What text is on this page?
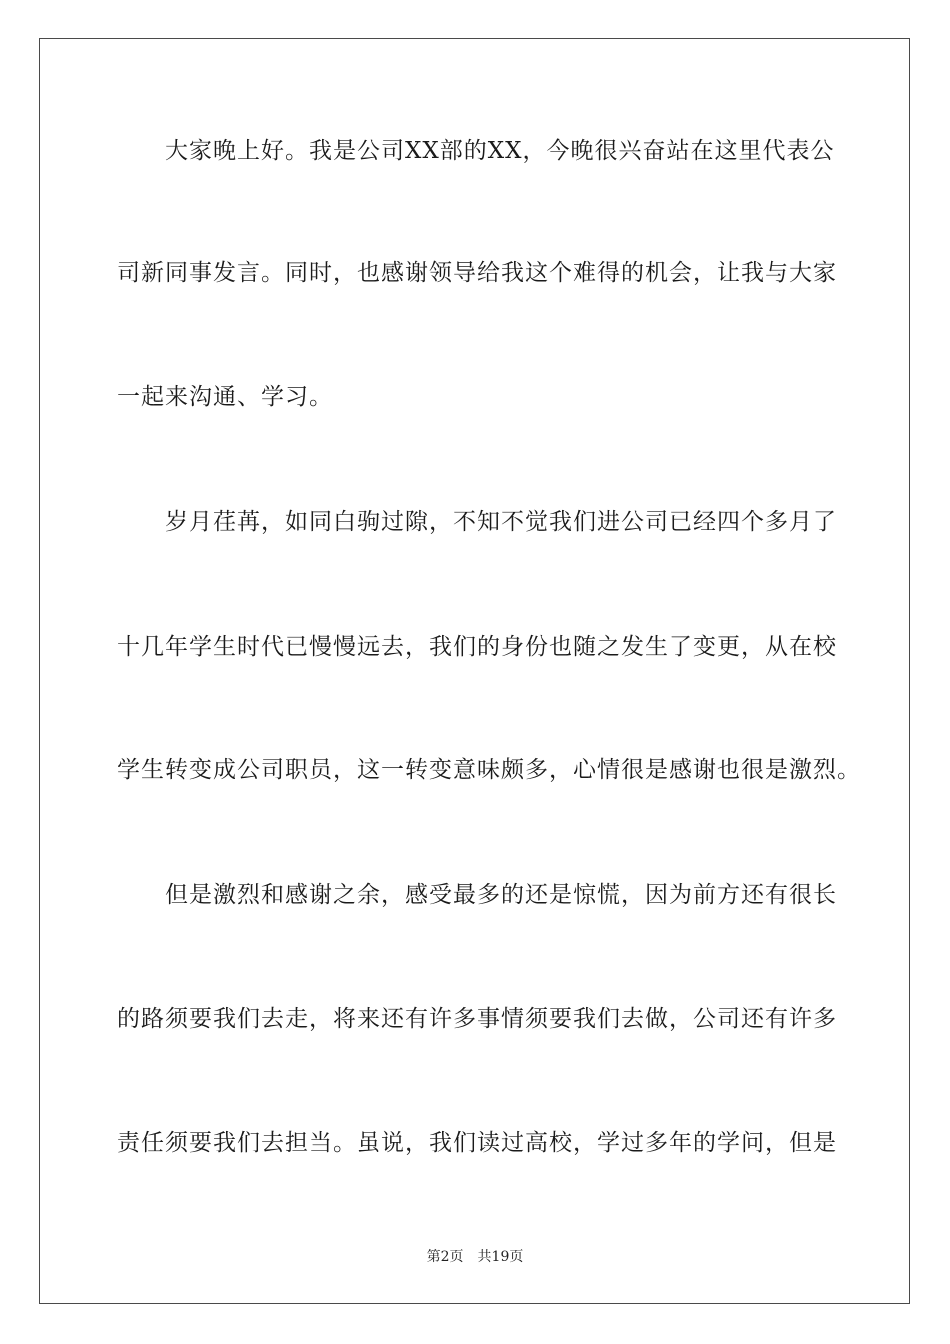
大家晚上好。我是公司XX部的XX，今晚很兴奋站在这里代表公
司新同事发言。同时，也感谢领导给我这个难得的机会，让我与大家
一起来沟通、学习。
岁月荏苒，如同白驹过隙，不知不觉我们进公司已经四个多月了
十几年学生时代已慢慢远去，我们的身份也随之发生了变更，从在校
学生转变成公司职员，这一转变意味颇多，心情很是感谢也很是激烈。
但是激烈和感谢之余，感受最多的还是惊慌，因为前方还有很长
的路须要我们去走，将来还有许多事情须要我们去做，公司还有许多
责任须要我们去担当。虽说，我们读过高校，学过多年的学问，但是
第2页 共19页
